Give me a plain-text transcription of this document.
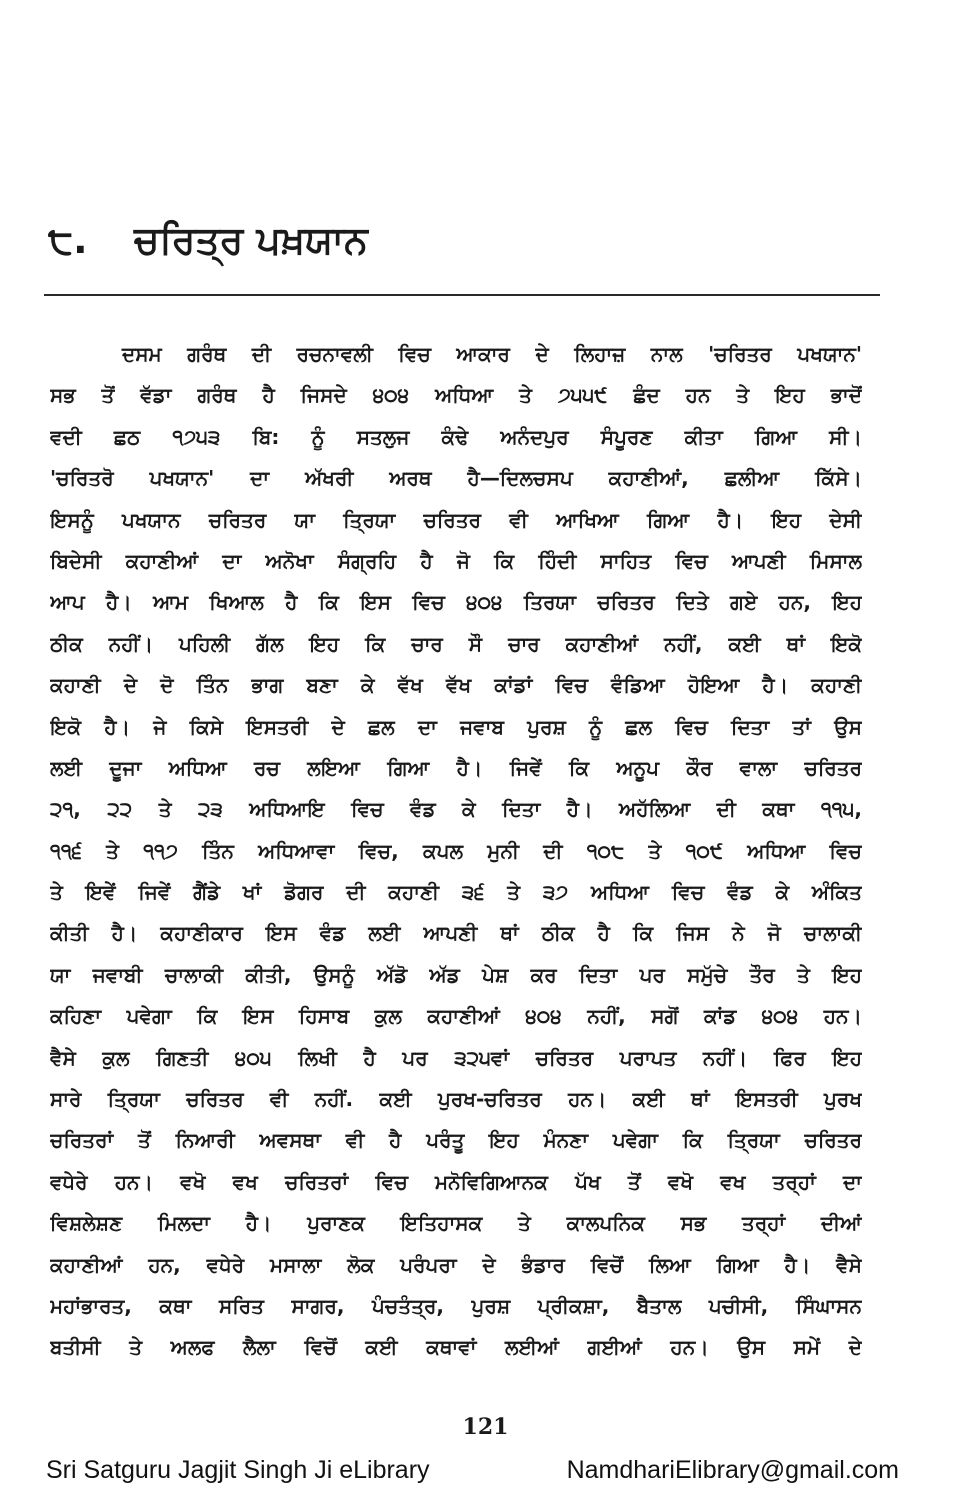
੮. ਚਰਿਤ੍ਰ ਪਖ਼ਯਾਨ
ਦਸਮ ਗਰੰਥ ਦੀ ਰਚਨਾਵਲੀ ਵਿਚ ਆਕਾਰ ਦੇ ਲਿਹਾਜ਼ ਨਾਲ 'ਚਰਿਤਰ ਪਖਯਾਨ'
ਸਭ ਤੋਂ ਵੱਡਾ ਗਰੰਥ ਹੈ ਜਿਸਦੇ ੪੦੪ ਅਧਿਆ ਤੇ ੭੫੫੯ ਛੰਦ ਹਨ ਤੇ ਇਹ ਭਾਦੋਂ
ਵਦੀ ਛਠ ੧੭੫੩ ਬਿ: ਨੂੰ ਸਤਲੁਜ ਕੰਢੇ ਅਨੰਦਪੁਰ ਸੰਪੂਰਣ ਕੀਤਾ ਗਿਆ ਸੀ।
'ਚਰਿਤਰੋ ਪਖਯਾਨ' ਦਾ ਅੱਖਰੀ ਅਰਥ ਹੈ—ਦਿਲਚਸਪ ਕਹਾਣੀਆਂ, ਛਲੀਆ ਕਿੱਸੇ।
ਇਸਨੂੰ ਪਖਯਾਨ ਚਰਿਤਰ ਯਾ ਤ੍ਰਿਯਾ ਚਰਿਤਰ ਵੀ ਆਖਿਆ ਗਿਆ ਹੈ। ਇਹ ਦੇਸੀ
ਬਿਦੇਸੀ ਕਹਾਣੀਆਂ ਦਾ ਅਨੋਖਾ ਸੰਗ੍ਰਹਿ ਹੈ ਜੋ ਕਿ ਹਿੰਦੀ ਸਾਹਿਤ ਵਿਚ ਆਪਣੀ ਮਿਸਾਲ
ਆਪ ਹੈ। ਆਮ ਖਿਆਲ ਹੈ ਕਿ ਇਸ ਵਿਚ ੪੦੪ ਤਿਰਯਾ ਚਰਿਤਰ ਦਿਤੇ ਗਏ ਹਨ, ਇਹ
ਠੀਕ ਨਹੀਂ। ਪਹਿਲੀ ਗੱਲ ਇਹ ਕਿ ਚਾਰ ਸੌ ਚਾਰ ਕਹਾਣੀਆਂ ਨਹੀਂ, ਕਈ ਥਾਂ ਇਕੋ
ਕਹਾਣੀ ਦੇ ਦੋ ਤਿੰਨ ਭਾਗ ਬਣਾ ਕੇ ਵੱਖ ਵੱਖ ਕਾਂਡਾਂ ਵਿਚ ਵੰਡਿਆ ਹੋਇਆ ਹੈ। ਕਹਾਣੀ
ਇਕੋ ਹੈ। ਜੇ ਕਿਸੇ ਇਸਤਰੀ ਦੇ ਛਲ ਦਾ ਜਵਾਬ ਪੁਰਸ਼ ਨੂੰ ਛਲ ਵਿਚ ਦਿਤਾ ਤਾਂ ਉਸ
ਲਈ ਦੂਜਾ ਅਧਿਆ ਰਚ ਲਇਆ ਗਿਆ ਹੈ। ਜਿਵੇਂ ਕਿ ਅਨੂਪ ਕੌਰ ਵਾਲਾ ਚਰਿਤਰ
੨੧, ੨੨ ਤੇ ੨੩ ਅਧਿਆਇ ਵਿਚ ਵੰਡ ਕੇ ਦਿਤਾ ਹੈ। ਅਹੱਲਿਆ ਦੀ ਕਥਾ ੧੧੫,
੧੧੬ ਤੇ ੧੧੭ ਤਿੰਨ ਅਧਿਆਵਾ ਵਿਚ, ਕਪਲ ਮੁਨੀ ਦੀ ੧੦੮ ਤੇ ੧੦੯ ਅਧਿਆ ਵਿਚ
ਤੇ ਇਵੇਂ ਜਿਵੇਂ ਗੈਂਡੇ ਖਾਂ ਡੋਗਰ ਦੀ ਕਹਾਣੀ ੩੬ ਤੇ ੩੭ ਅਧਿਆ ਵਿਚ ਵੰਡ ਕੇ ਅੰਕਿਤ
ਕੀਤੀ ਹੈ। ਕਹਾਣੀਕਾਰ ਇਸ ਵੰਡ ਲਈ ਆਪਣੀ ਥਾਂ ਠੀਕ ਹੈ ਕਿ ਜਿਸ ਨੇ ਜੋ ਚਾਲਾਕੀ
ਯਾ ਜਵਾਬੀ ਚਾਲਾਕੀ ਕੀਤੀ, ਉਸਨੂੰ ਅੱਡੋ ਅੱਡ ਪੇਸ਼ ਕਰ ਦਿਤਾ ਪਰ ਸਮੁੱਚੇ ਤੌਰ ਤੇ ਇਹ
ਕਹਿਣਾ ਪਵੇਗਾ ਕਿ ਇਸ ਹਿਸਾਬ ਕੁਲ ਕਹਾਣੀਆਂ ੪੦੪ ਨਹੀਂ, ਸਗੋਂ ਕਾਂਡ ੪੦੪ ਹਨ।
ਵੈਸੇ ਕੁਲ ਗਿਣਤੀ ੪੦੫ ਲਿਖੀ ਹੈ ਪਰ ੩੨੫ਵਾਂ ਚਰਿਤਰ ਪਰਾਪਤ ਨਹੀਂ। ਫਿਰ ਇਹ
ਸਾਰੇ ਤ੍ਰਿਯਾ ਚਰਿਤਰ ਵੀ ਨਹੀਂ. ਕਈ ਪੁਰਖ-ਚਰਿਤਰ ਹਨ। ਕਈ ਥਾਂ ਇਸਤਰੀ ਪੁਰਖ
ਚਰਿਤਰਾਂ ਤੋਂ ਨਿਆਰੀ ਅਵਸਥਾ ਵੀ ਹੈ ਪਰੰਤੂ ਇਹ ਮੰਨਣਾ ਪਵੇਗਾ ਕਿ ਤ੍ਰਿਯਾ ਚਰਿਤਰ
ਵਧੇਰੇ ਹਨ। ਵਖੋ ਵਖ ਚਰਿਤਰਾਂ ਵਿਚ ਮਨੋਵਿਗਿਆਨਕ ਪੱਖ ਤੋਂ ਵਖੋ ਵਖ ਤਰ੍ਹਾਂ ਦਾ
ਵਿਸ਼ਲੇਸ਼ਣ ਮਿਲਦਾ ਹੈ। ਪੁਰਾਣਕ ਇਤਿਹਾਸਕ ਤੇ ਕਾਲਪਨਿਕ ਸਭ ਤਰ੍ਹਾਂ ਦੀਆਂ
ਕਹਾਣੀਆਂ ਹਨ, ਵਧੇਰੇ ਮਸਾਲਾ ਲੋਕ ਪਰੰਪਰਾ ਦੇ ਭੰਡਾਰ ਵਿਚੋਂ ਲਿਆ ਗਿਆ ਹੈ। ਵੈਸੇ
ਮਹਾਂਭਾਰਤ, ਕਥਾ ਸਰਿਤ ਸਾਗਰ, ਪੰਚਤੰਤ੍ਰ, ਪੁਰਸ਼ ਪ੍ਰੀਕਸ਼ਾ, ਬੈਤਾਲ ਪਚੀਸੀ, ਸਿੰਘਾਸਨ
ਬਤੀਸੀ ਤੇ ਅਲਫ ਲੈਲਾ ਵਿਚੋਂ ਕਈ ਕਥਾਵਾਂ ਲਈਆਂ ਗਈਆਂ ਹਨ। ਉਸ ਸਮੇਂ ਦੇ
121
Sri Satguru Jagjit Singh Ji eLibrary	NamdhariElibrary@gmail.com
